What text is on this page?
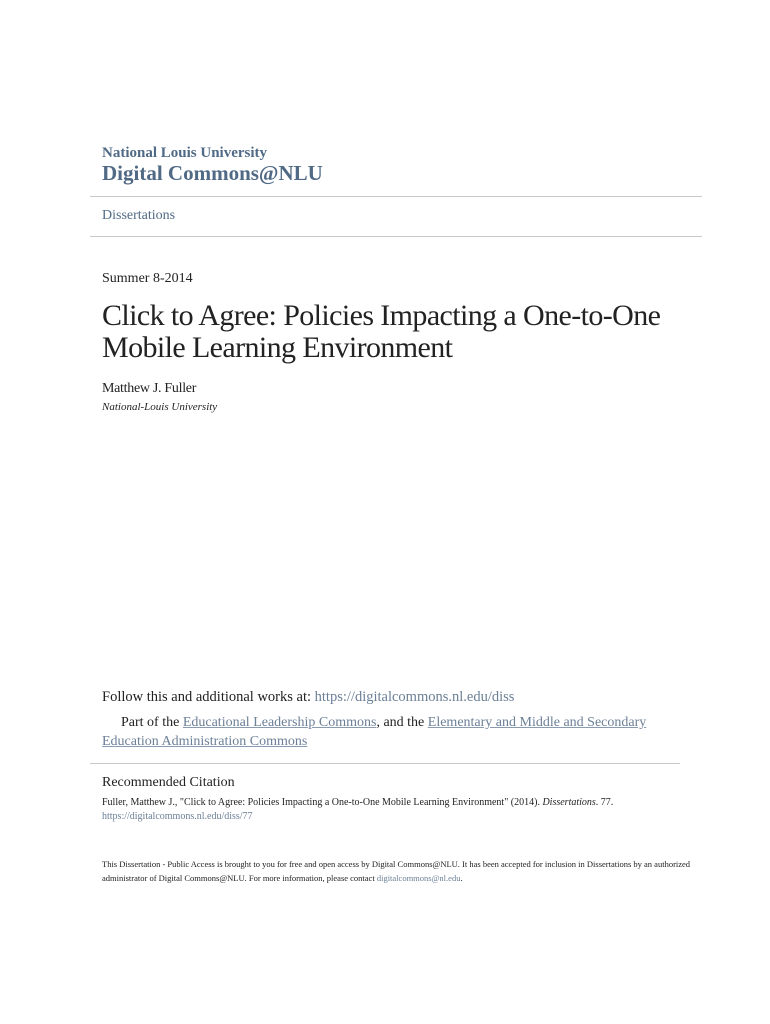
National Louis University
Digital Commons@NLU
Dissertations
Summer 8-2014
Click to Agree: Policies Impacting a One-to-One Mobile Learning Environment
Matthew J. Fuller
National-Louis University
Follow this and additional works at: https://digitalcommons.nl.edu/diss
Part of the Educational Leadership Commons, and the Elementary and Middle and Secondary Education Administration Commons
Recommended Citation
Fuller, Matthew J., "Click to Agree: Policies Impacting a One-to-One Mobile Learning Environment" (2014). Dissertations. 77.
https://digitalcommons.nl.edu/diss/77
This Dissertation - Public Access is brought to you for free and open access by Digital Commons@NLU. It has been accepted for inclusion in Dissertations by an authorized administrator of Digital Commons@NLU. For more information, please contact digitalcommons@nl.edu.
